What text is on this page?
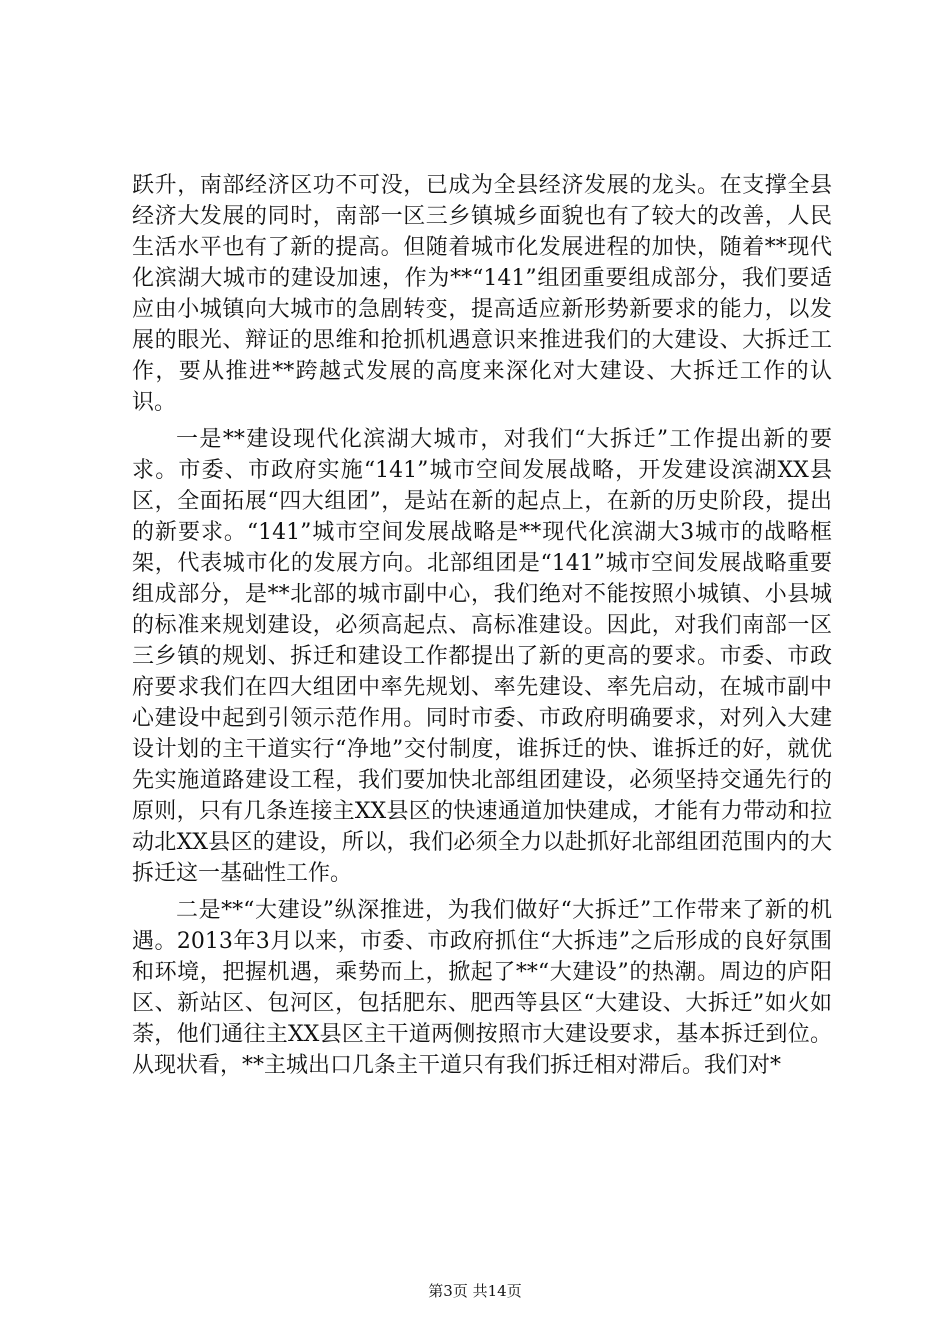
跃升，南部经济区功不可没，已成为全县经济发展的龙头。在支撑全县经济大发展的同时，南部一区三乡镇城乡面貌也有了较大的改善，人民生活水平也有了新的提高。但随着城市化发展进程的加快，随着**现代化滨湖大城市的建设加速，作为**“141”组团重要组成部分，我们要适应由小城镇向大城市的急剧转变，提高适应新形势新要求的能力，以发展的眼光、辩证的思维和抢抓机遇意识来推进我们的大建设、大拆迁工作，要从推进**跨越式发展的高度来深化对大建设、大拆迁工作的认识。

一是**建设现代化滨湖大城市，对我们“大拆迁”工作提出新的要求。市委、市政府实施“141”城市空间发展战略，开发建设滨湖XX县区，全面拓展“四大组团”，是站在新的起点上，在新的历史阶段，提出的新要求。“141”城市空间发展战略是**现代化滨湖大3城市的战略框架，代表城市化的发展方向。北部组团是“141”城市空间发展战略重要组成部分，是**北部的城市副中心，我们绝对不能按照小城镇、小县城的标准来规划建设，必须高起点、高标准建设。因此，对我们南部一区三乡镇的规划、拆迁和建设工作都提出了新的更高的要求。市委、市政府要求我们在四大组团中率先规划、率先建设、率先启动，在城市副中心建设中起到引领示范作用。同时市委、市政府明确要求，对列入大建设计划的主干道实行“净地”交付制度，谁拆迁的快、谁拆迁的好，就优先实施道路建设工程，我们要加快北部组团建设，必须坚持交通先行的原则，只有几条连接主XX县区的快速通道加快建成，才能有力带动和拉动北XX县区的建设，所以，我们必须全力以赴抓好北部组团范围内的大拆迁这一基础性工作。

二是**“大建设”纵深推进，为我们做好“大拆迁”工作带来了新的机遇。2013年3月以来，市委、市政府抓住“大拆违”之后形成的良好氛围和环境，把握机遇，乘势而上，掀起了**“大建设”的热潮。周边的庐阳区、新站区、包河区，包括肥东、肥西等县区“大建设、大拆迁”如火如荼，他们通往主XX县区主干道两侧按照市大建设要求，基本拆迁到位。从现状看，**主城出口几条主干道只有我们拆迁相对滞后。我们对*

第3页 共14页
